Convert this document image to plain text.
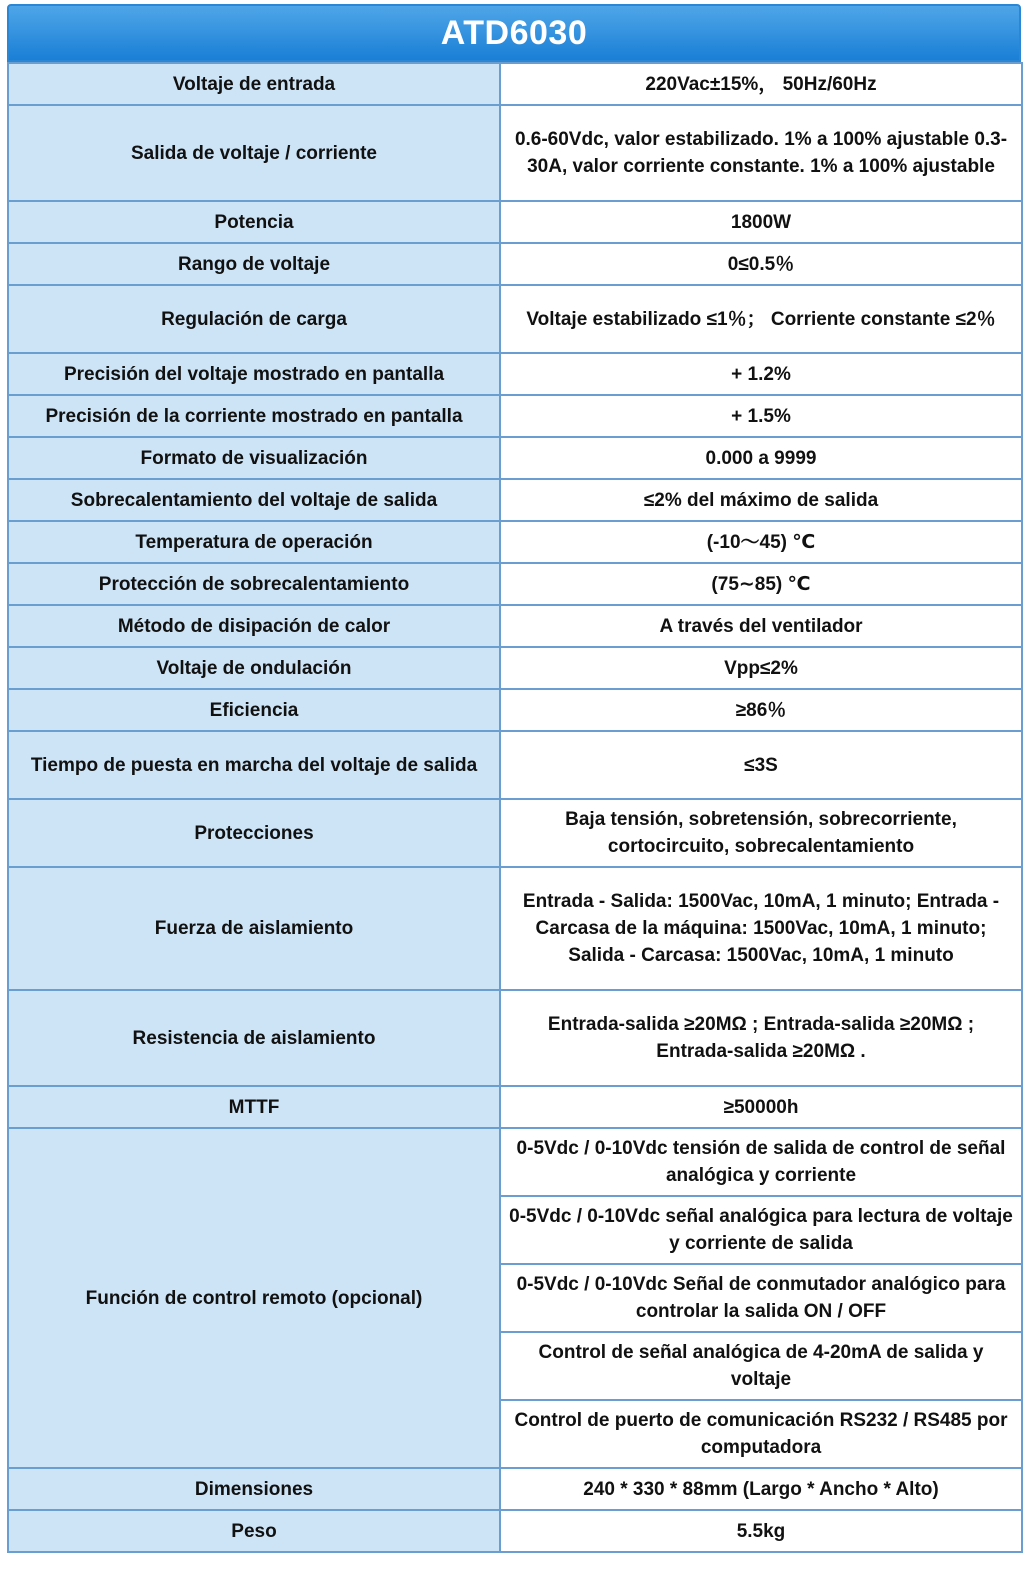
ATD6030
Voltaje de entrada	220Vac±15%， 50Hz/60Hz
Salida de voltaje / corriente	0.6-60Vdc, valor estabilizado. 1% a 100% ajustable 0.3-30A, valor corriente constante. 1% a 100% ajustable
Potencia	1800W
Rango de voltaje	0≤0.5％
Regulación de carga	Voltaje estabilizado ≤1％； Corriente constante ≤2％
Precisión del voltaje mostrado en pantalla	+ 1.2%
Precisión de la corriente mostrado en pantalla	+ 1.5%
Formato de visualización	0.000 a 9999
Sobrecalentamiento del voltaje de salida	≤2% del máximo de salida
Temperatura de operación	(-10～45) ℃
Protección de sobrecalentamiento	(75∼85) ℃
Método de disipación de calor	A través del ventilador
Voltaje de ondulación	Vpp≤2%
Eficiencia	≥86％
Tiempo de puesta en marcha del voltaje de salida	≤3S
Protecciones	Baja tensión, sobretensión, sobrecorriente, cortocircuito, sobrecalentamiento
Fuerza de aislamiento	Entrada - Salida: 1500Vac, 10mA, 1 minuto; Entrada - Carcasa de la máquina: 1500Vac, 10mA, 1 minuto; Salida - Carcasa: 1500Vac, 10mA, 1 minuto
Resistencia de aislamiento	Entrada-salida ≥20MΩ ; Entrada-salida ≥20MΩ ; Entrada-salida ≥20MΩ .
MTTF	≥50000h
Función de control remoto (opcional)	0-5Vdc / 0-10Vdc tensión de salida de control de señal analógica y corriente
	0-5Vdc / 0-10Vdc señal analógica para lectura de voltaje y corriente de salida
	0-5Vdc / 0-10Vdc Señal de conmutador analógico para controlar la salida ON / OFF
	Control de señal analógica de 4-20mA de salida y voltaje
	Control de puerto de comunicación RS232 / RS485 por computadora
Dimensiones	240 * 330 * 88mm (Largo * Ancho * Alto)
Peso	5.5kg
